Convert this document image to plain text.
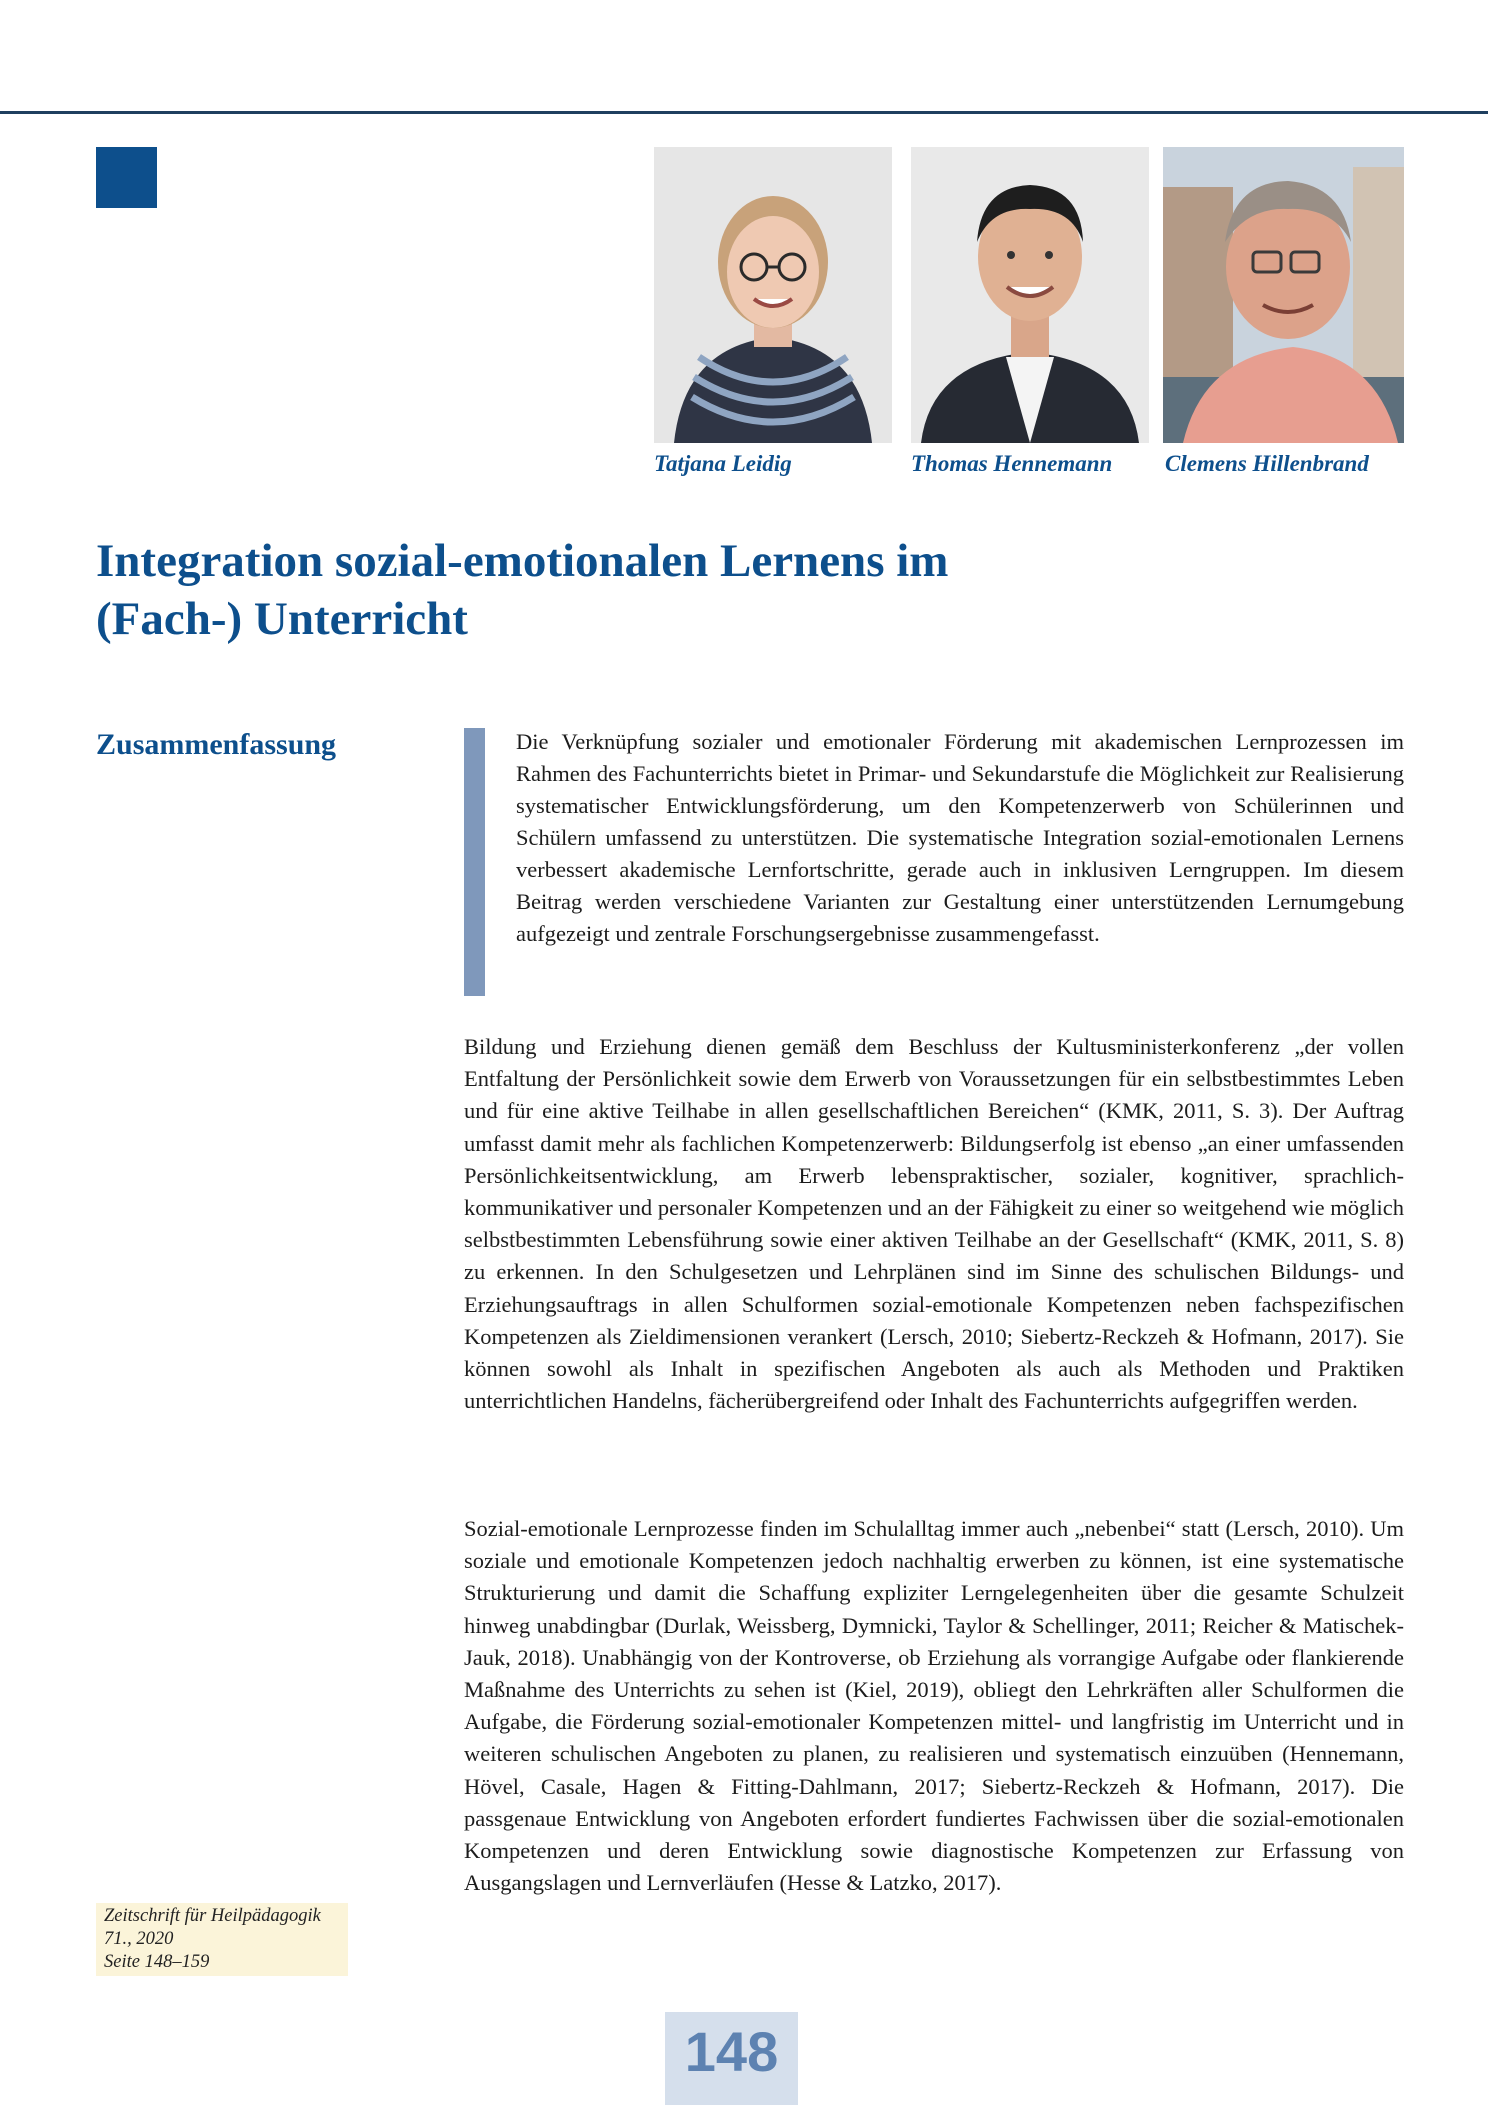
Tatjana Leidig	Thomas Hennemann Clemens Hillenbrand
Integration sozial-emotionalen Lernens im
(Fach-) Unterricht
Zusammenfassung	Die Verknüpfung sozialer und emotionaler Förderung mit akademischen Lernprozessen im Rahmen des Fachunterrichts bietet in Primar- und Sekundarstufe die Möglichkeit zur Realisierung systematischer Entwicklungsförderung, um den Kompetenzerwerb von Schülerinnen und Schülern umfassend zu unterstützen. Die systematische Integration sozial-emotionalen Lernens verbessert akademische Lernfortschritte, gerade auch in inklusiven Lerngruppen. Im diesem Beitrag werden verschiedene Varianten zur Gestaltung einer unterstützenden Lernumgebung aufgezeigt und zentrale Forschungsergebnisse zusammengefasst.

Bildung und Erziehung dienen gemäß dem Beschluss der Kultusministerkonferenz „der vollen Entfaltung der Persönlichkeit sowie dem Erwerb von Voraussetzungen für ein selbstbestimmtes Leben und für eine aktive Teilhabe in allen gesellschaftlichen Bereichen“ (KMK, 2011, S. 3). Der Auftrag umfasst damit mehr als fachlichen Kompetenzerwerb: Bildungserfolg ist ebenso „an einer umfassenden Persönlichkeitsentwicklung, am Erwerb lebenspraktischer, sozialer, kognitiver, sprachlich-kommunikativer und personaler Kompetenzen und an der Fähigkeit zu einer so weitgehend wie möglich selbstbestimmten Lebensführung sowie einer aktiven Teilhabe an der Gesellschaft“ (KMK, 2011, S. 8) zu erkennen. In den Schulgesetzen und Lehrplänen sind im Sinne des schulischen Bildungs- und Erziehungsauftrags in allen Schulformen sozial-emotionale Kompetenzen neben fachspezifischen Kompetenzen als Zieldimensionen verankert (Lersch, 2010; Siebertz-Reckzeh & Hofmann, 2017). Sie können sowohl als Inhalt in spezifischen Angeboten als auch als Methoden und Praktiken unterrichtlichen Handelns, fächerübergreifend oder Inhalt des Fachunterrichts aufgegriffen werden.

Sozial-emotionale Lernprozesse finden im Schulalltag immer auch „nebenbei“ statt (Lersch, 2010). Um soziale und emotionale Kompetenzen jedoch nachhaltig erwerben zu können, ist eine systematische Strukturierung und damit die Schaffung expliziter Lerngelegenheiten über die gesamte Schulzeit hinweg unabdingbar (Durlak, Weissberg, Dymnicki, Taylor & Schellinger, 2011; Reicher & Matischek-Jauk, 2018). Unabhängig von der Kontroverse, ob Erziehung als vorrangige Aufgabe oder flankierende Maßnahme des Unterrichts zu sehen ist (Kiel, 2019), obliegt den Lehrkräften aller Schulformen die Aufgabe, die Förderung sozial-emotionaler Kompetenzen mittel- und langfristig im Unterricht und in weiteren schulischen Angeboten zu planen, zu realisieren und systematisch einzuüben (Hennemann, Hövel, Casale, Hagen & Fitting-Dahlmann, 2017; Siebertz-Reckzeh & Hofmann, 2017). Die passgenaue Entwicklung von Angeboten erfordert fundiertes Fachwissen über die sozial-emotionalen Kompetenzen und deren Entwicklung sowie diagnostische Kompetenzen zur Erfassung von Ausgangslagen und Lernverläufen (Hesse & Latzko, 2017).

Zeitschrift für Heilpädagogik
71., 2020
Seite 148–159
148
